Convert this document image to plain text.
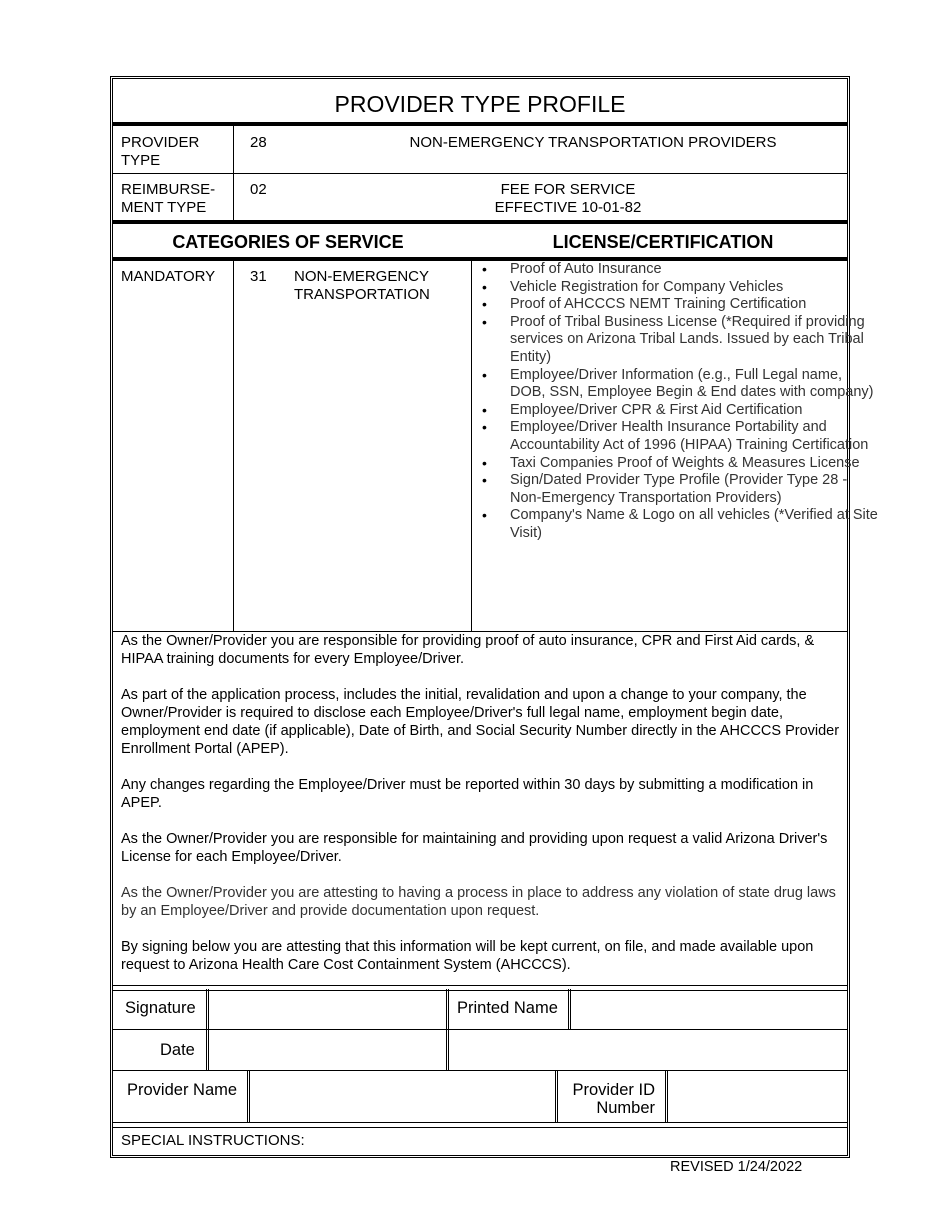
PROVIDER TYPE PROFILE
PROVIDER
TYPE
28	NON-EMERGENCY TRANSPORTATION PROVIDERS
REIMBURSE-
MENT TYPE
02	FEE FOR SERVICE
EFFECTIVE 10-01-82
CATEGORIES OF SERVICE	LICENSE/CERTIFICATION
MANDATORY 31 NON-EMERGENCY TRANSPORTATION
• Proof of Auto Insurance
• Vehicle Registration for Company Vehicles
• Proof of AHCCCS NEMT Training Certification
• Proof of Tribal Business License (*Required if providing services on Arizona Tribal Lands. Issued by each Tribal Entity)
• Employee/Driver Information (e.g., Full Legal name, DOB, SSN, Employee Begin & End dates with company)
• Employee/Driver CPR & First Aid Certification
• Employee/Driver Health Insurance Portability and Accountability Act of 1996 (HIPAA) Training Certification
• Taxi Companies Proof of Weights & Measures License
• Sign/Dated Provider Type Profile (Provider Type 28 - Non-Emergency Transportation Providers)
• Company's Name & Logo on all vehicles (*Verified at Site Visit)
As the Owner/Provider you are responsible for providing proof of auto insurance, CPR and First Aid cards, & HIPAA training documents for every Employee/Driver.
As part of the application process, includes the initial, revalidation and upon a change to your company, the Owner/Provider is required to disclose each Employee/Driver's full legal name, employment begin date, employment end date (if applicable), Date of Birth, and Social Security Number directly in the AHCCCS Provider Enrollment Portal (APEP).
Any changes regarding the Employee/Driver must be reported within 30 days by submitting a modification in APEP.
As the Owner/Provider you are responsible for maintaining and providing upon request a valid Arizona Driver's License for each Employee/Driver.
As the Owner/Provider you are attesting to having a process in place to address any violation of state drug laws by an Employee/Driver and provide documentation upon request.
By signing below you are attesting that this information will be kept current, on file, and made available upon request to Arizona Health Care Cost Containment System (AHCCCS).
Signature	Printed Name
Date
Provider Name	Provider ID
Number
SPECIAL INSTRUCTIONS:
REVISED 1/24/2022
